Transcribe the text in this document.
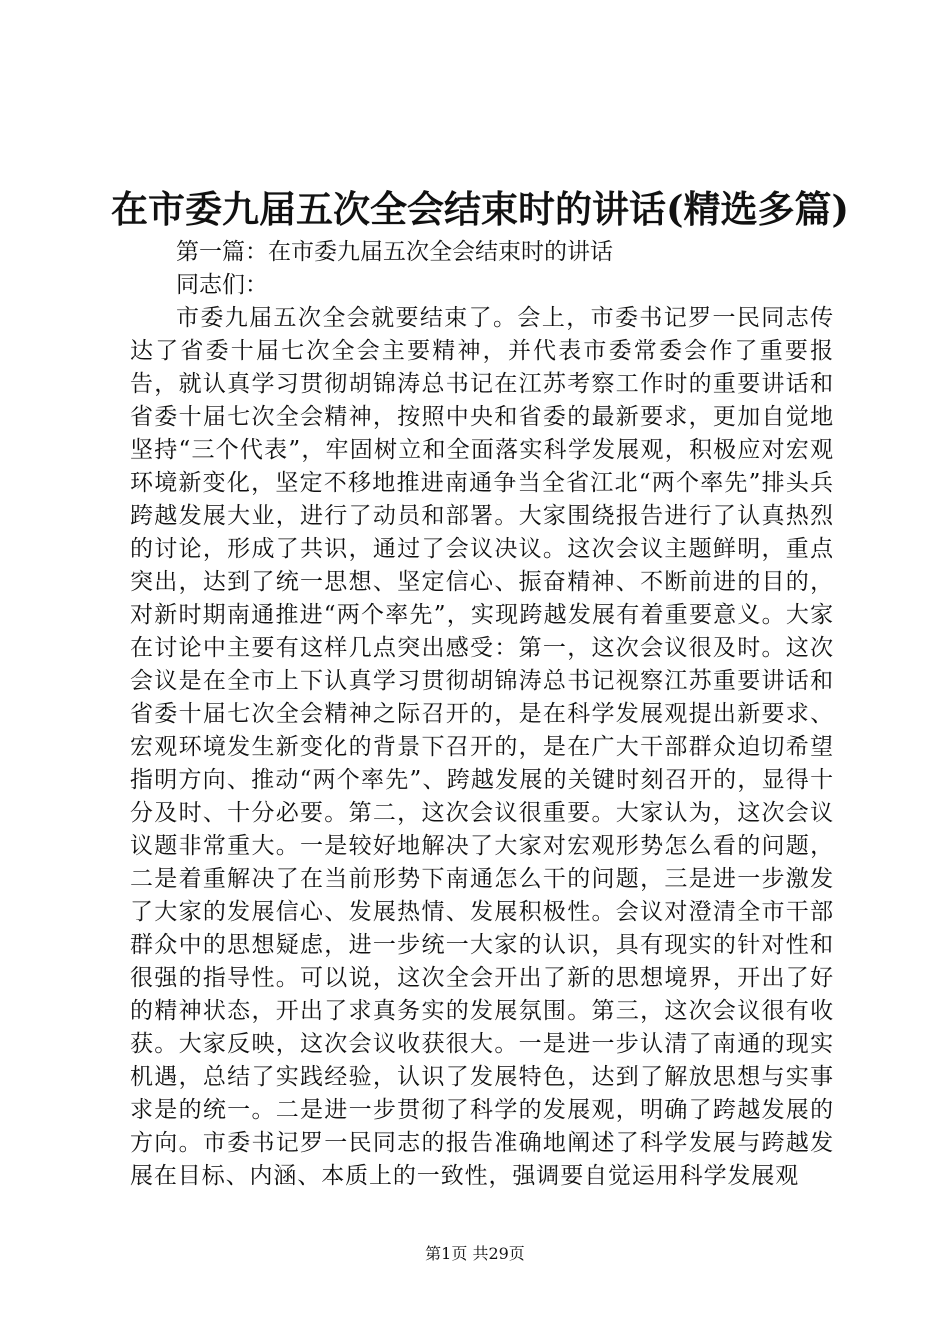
在市委九届五次全会结束时的讲话(精选多篇)

第一篇：在市委九届五次全会结束时的讲话

同志们：

市委九届五次全会就要结束了。会上，市委书记罗一民同志传达了省委十届七次全会主要精神，并代表市委常委会作了重要报告，就认真学习贯彻胡锦涛总书记在江苏考察工作时的重要讲话和省委十届七次全会精神，按照中央和省委的最新要求，更加自觉地坚持“三个代表”，牢固树立和全面落实科学发展观，积极应对宏观环境新变化，坚定不移地推进南通争当全省江北“两个率先”排头兵跨越发展大业，进行了动员和部署。大家围绕报告进行了认真热烈的讨论，形成了共识，通过了会议决议。这次会议主题鲜明，重点突出，达到了统一思想、坚定信心、振奋精神、不断前进的目的，对新时期南通推进“两个率先”，实现跨越发展有着重要意义。大家在讨论中主要有这样几点突出感受：第一，这次会议很及时。这次会议是在全市上下认真学习贯彻胡锦涛总书记视察江苏重要讲话和省委十届七次全会精神之际召开的，是在科学发展观提出新要求、宏观环境发生新变化的背景下召开的，是在广大干部群众迫切希望指明方向、推动“两个率先”、跨越发展的关键时刻召开的，显得十分及时、十分必要。第二，这次会议很重要。大家认为，这次会议议题非常重大。一是较好地解决了大家对宏观形势怎么看的问题，二是着重解决了在当前形势下南通怎么干的问题，三是进一步激发了大家的发展信心、发展热情、发展积极性。会议对澄清全市干部群众中的思想疑虑，进一步统一大家的认识，具有现实的针对性和很强的指导性。可以说，这次全会开出了新的思想境界，开出了好的精神状态，开出了求真务实的发展氛围。第三，这次会议很有收获。大家反映，这次会议收获很大。一是进一步认清了南通的现实机遇，总结了实践经验，认识了发展特色，达到了解放思想与实事求是的统一。二是进一步贯彻了科学的发展观，明确了跨越发展的方向。市委书记罗一民同志的报告准确地阐述了科学发展与跨越发展在目标、内涵、本质上的一致性，强调要自觉运用科学发展观

第1页 共29页
